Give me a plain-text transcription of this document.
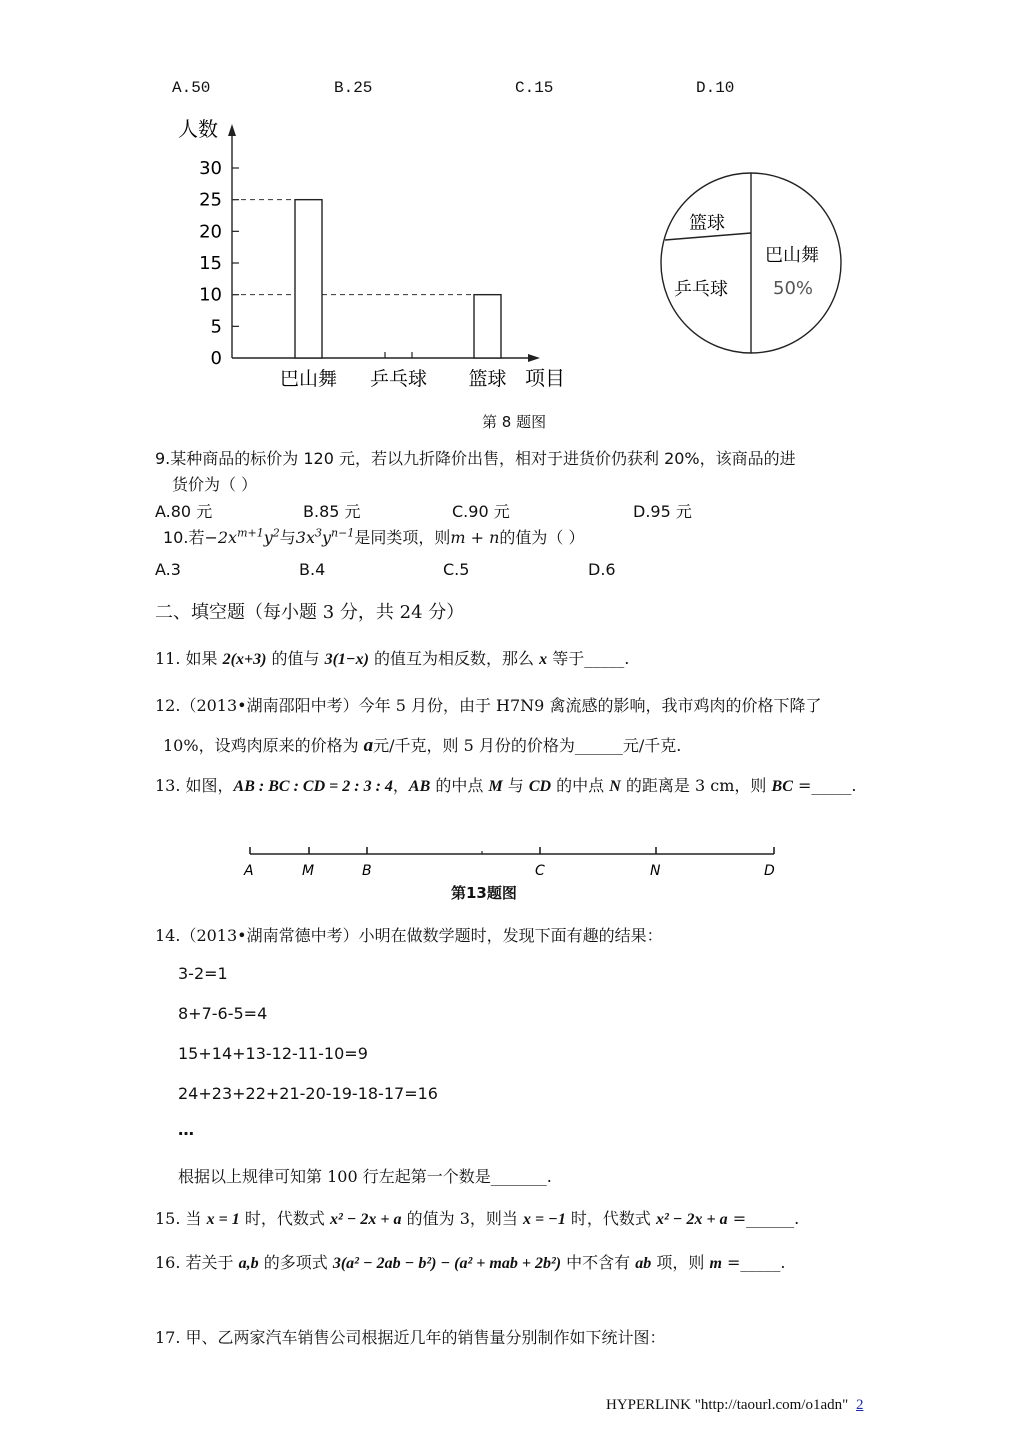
A.50	B.25	C.15	D.10
0
5
10
15
20
25
30
巴山舞 乒乓球 篮球
人数
项目
巴山舞
50%
篮球
乒乓球
第 8 题图
9.某种商品的标价为 120 元，若以九折降价出售，相对于进货价仍获利 20%，该商品的进
货价为（ ）
A.80 元	B.85 元	C.90 元	D.95 元
10.若$-2x^{m+1}y^2$与$3x^3y^{n-1}$是同类项，则m + n的值为（ ）
A.3	B.4	C.5	D.6
二、填空题（每小题 3 分，共 24 分）
11. 如果 2(x+3) 的值与 3(1−x) 的值互为相反数，那么 x 等于_____.
12.（2013•湖南邵阳中考）今年 5 月份，由于 H7N9 禽流感的影响，我市鸡肉的价格下降了
10%，设鸡肉原来的价格为 a元/千克，则 5 月份的价格为______元/千克.
13. 如图，AB : BC : CD = 2 : 3 : 4，AB 的中点 M 与 CD 的中点 N 的距离是 3 cm，则 BC =_____.
A	M	B	C	N	D
第13题图
14.（2013•湖南常德中考）小明在做数学题时，发现下面有趣的结果：
3-2=1
8+7-6-5=4
15+14+13-12-11-10=9
24+23+22+21-20-19-18-17=16
…
根据以上规律可知第 100 行左起第一个数是_______.
15. 当 x = 1 时，代数式 x² − 2x + a 的值为 3，则当 x = −1 时，代数式 x² − 2x + a =______.
16. 若关于 a,b 的多项式 3(a² − 2ab − b²) − (a² + mab + 2b²) 中不含有 ab 项，则 m =_____.
17. 甲、乙两家汽车销售公司根据近几年的销售量分别制作如下统计图：
HYPERLINK "http://taourl.com/o1adn" 2
